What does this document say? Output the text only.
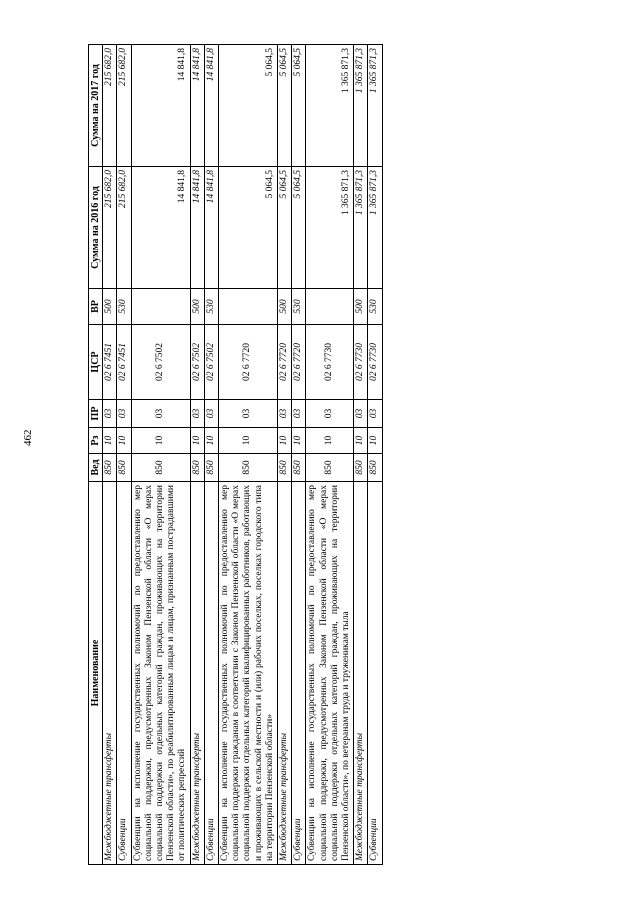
462
Наименование	Вед	Рз	ПР	ЦСР	ВР	Сумма на 2016 год	Сумма на 2017 год
Межбюджетные трансферты	850	10	03	02 6 7451	500	215 682,0	215 682,0
Субвенции	850	10	03	02 6 7451	530	215 682,0	215 682,0
Субвенции на исполнение государственных полномочий по предоставлению мер социальной поддержки, предусмотренных Законом Пензенской области «О мерах социальной поддержки отдельных категорий граждан, проживающих на территории Пензенской области», по реабилитированным лицам и лицам, признанным пострадавшими от политических репрессий	850	10	03	02 6 7502		14 841,8	14 841,8
Межбюджетные трансферты	850	10	03	02 6 7502	500	14 841,8	14 841,8
Субвенции	850	10	03	02 6 7502	530	14 841,8	14 841,8
Субвенции на исполнение государственных полномочий по предоставлению мер социальной поддержки гражданам в соответствии с Законом Пензенской области «О мерах социальной поддержки отдельных категорий квалифицированных работников, работающих и проживающих в сельской местности и (или) рабочих поселках, поселках городского типа на территории Пензенской области»	850	10	03	02 6 7720		5 064,5	5 064,5
Межбюджетные трансферты	850	10	03	02 6 7720	500	5 064,5	5 064,5
Субвенции	850	10	03	02 6 7720	530	5 064,5	5 064,5
Субвенции на исполнение государственных полномочий по предоставлению мер социальной поддержки, предусмотренных Законом Пензенской области «О мерах социальной поддержки отдельных категорий граждан, проживающих на территории Пензенской области», по ветеранам труда и труженикам тыла	850	10	03	02 6 7730		1 365 871,3	1 365 871,3
Межбюджетные трансферты	850	10	03	02 6 7730	500	1 365 871,3	1 365 871,3
Субвенции	850	10	03	02 6 7730	530	1 365 871,3	1 365 871,3
